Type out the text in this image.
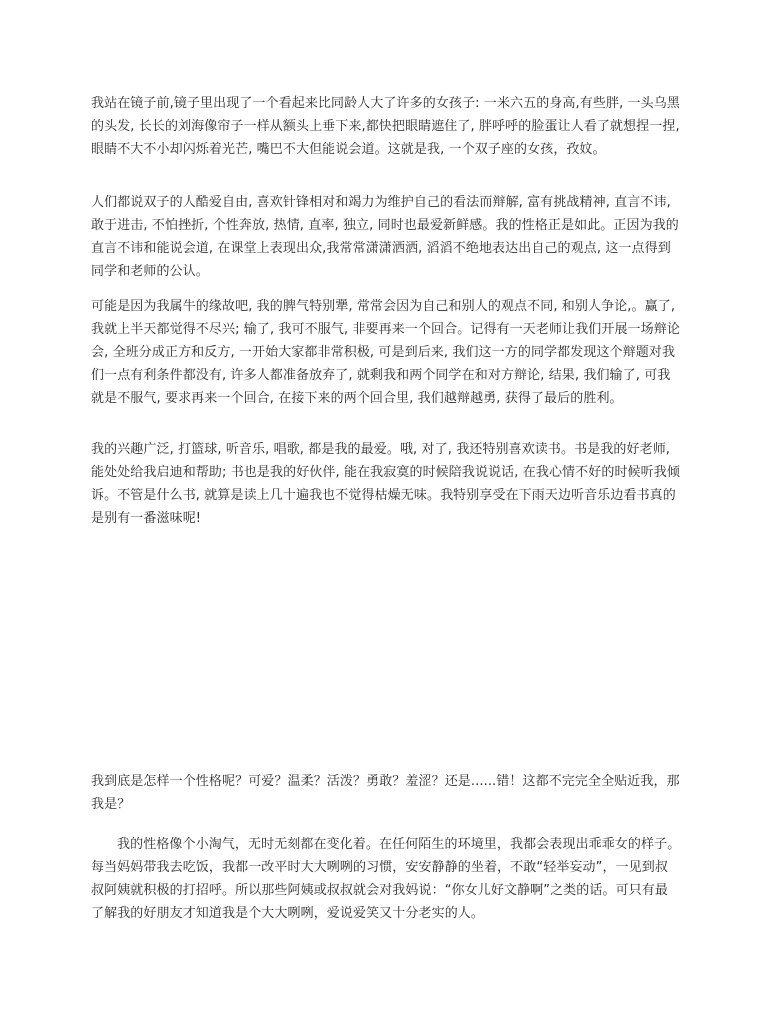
我站在镜子前,镜子里出现了一个看起来比同龄人大了许多的女孩子: 一米六五的身高,有些胖, 一头乌黑的头发, 长长的刘海像帘子一样从额头上垂下来,都快把眼睛遮住了, 胖呼呼的脸蛋让人看了就想捏一捏, 眼睛不大不小却闪烁着光芒, 嘴巴不大但能说会道。这就是我, 一个双子座的女孩，孜妏。

人们都说双子的人酷爱自由, 喜欢针锋相对和竭力为维护自己的看法而辩解, 富有挑战精神, 直言不讳, 敢于进击, 不怕挫折, 个性奔放, 热情, 直率, 独立, 同时也最爱新鲜感。我的性格正是如此。正因为我的直言不讳和能说会道, 在课堂上表现出众,我常常潇潇洒洒, 滔滔不绝地表达出自己的观点, 这一点得到同学和老师的公认。

可能是因为我属牛的缘故吧, 我的脾气特别犟, 常常会因为自己和别人的观点不同, 和别人争论,。赢了, 我就上半天都觉得不尽兴; 输了, 我可不服气, 非要再来一个回合。记得有一天老师让我们开展一场辩论会, 全班分成正方和反方, 一开始大家都非常积极, 可是到后来, 我们这一方的同学都发现这个辩题对我们一点有利条件都没有, 许多人都准备放弃了, 就剩我和两个同学在和对方辩论, 结果, 我们输了, 可我就是不服气, 要求再来一个回合, 在接下来的两个回合里, 我们越辩越勇, 获得了最后的胜利。

我的兴趣广泛, 打篮球, 听音乐, 唱歌, 都是我的最爱。哦, 对了, 我还特别喜欢读书。书是我的好老师, 能处处给我启迪和帮助; 书也是我的好伙伴, 能在我寂寞的时候陪我说说话, 在我心情不好的时候听我倾诉。不管是什么书, 就算是读上几十遍我也不觉得枯燥无味。我特别享受在下雨天边听音乐边看书真的是别有一番滋味呢!

我到底是怎样一个性格呢？可爱？温柔？活泼？勇敢？羞涩？还是......错！这都不完完全全贴近我，那我是？

我的性格像个小淘气，无时无刻都在变化着。在任何陌生的环境里，我都会表现出乖乖女的样子。每当妈妈带我去吃饭，我都一改平时大大咧咧的习惯，安安静静的坐着，不敢“轻举妄动”，一见到叔叔阿姨就积极的打招呼。所以那些阿姨或叔叔就会对我妈说：“你女儿好文静啊”之类的话。可只有最了解我的好朋友才知道我是个大大咧咧，爱说爱笑又十分老实的人。
